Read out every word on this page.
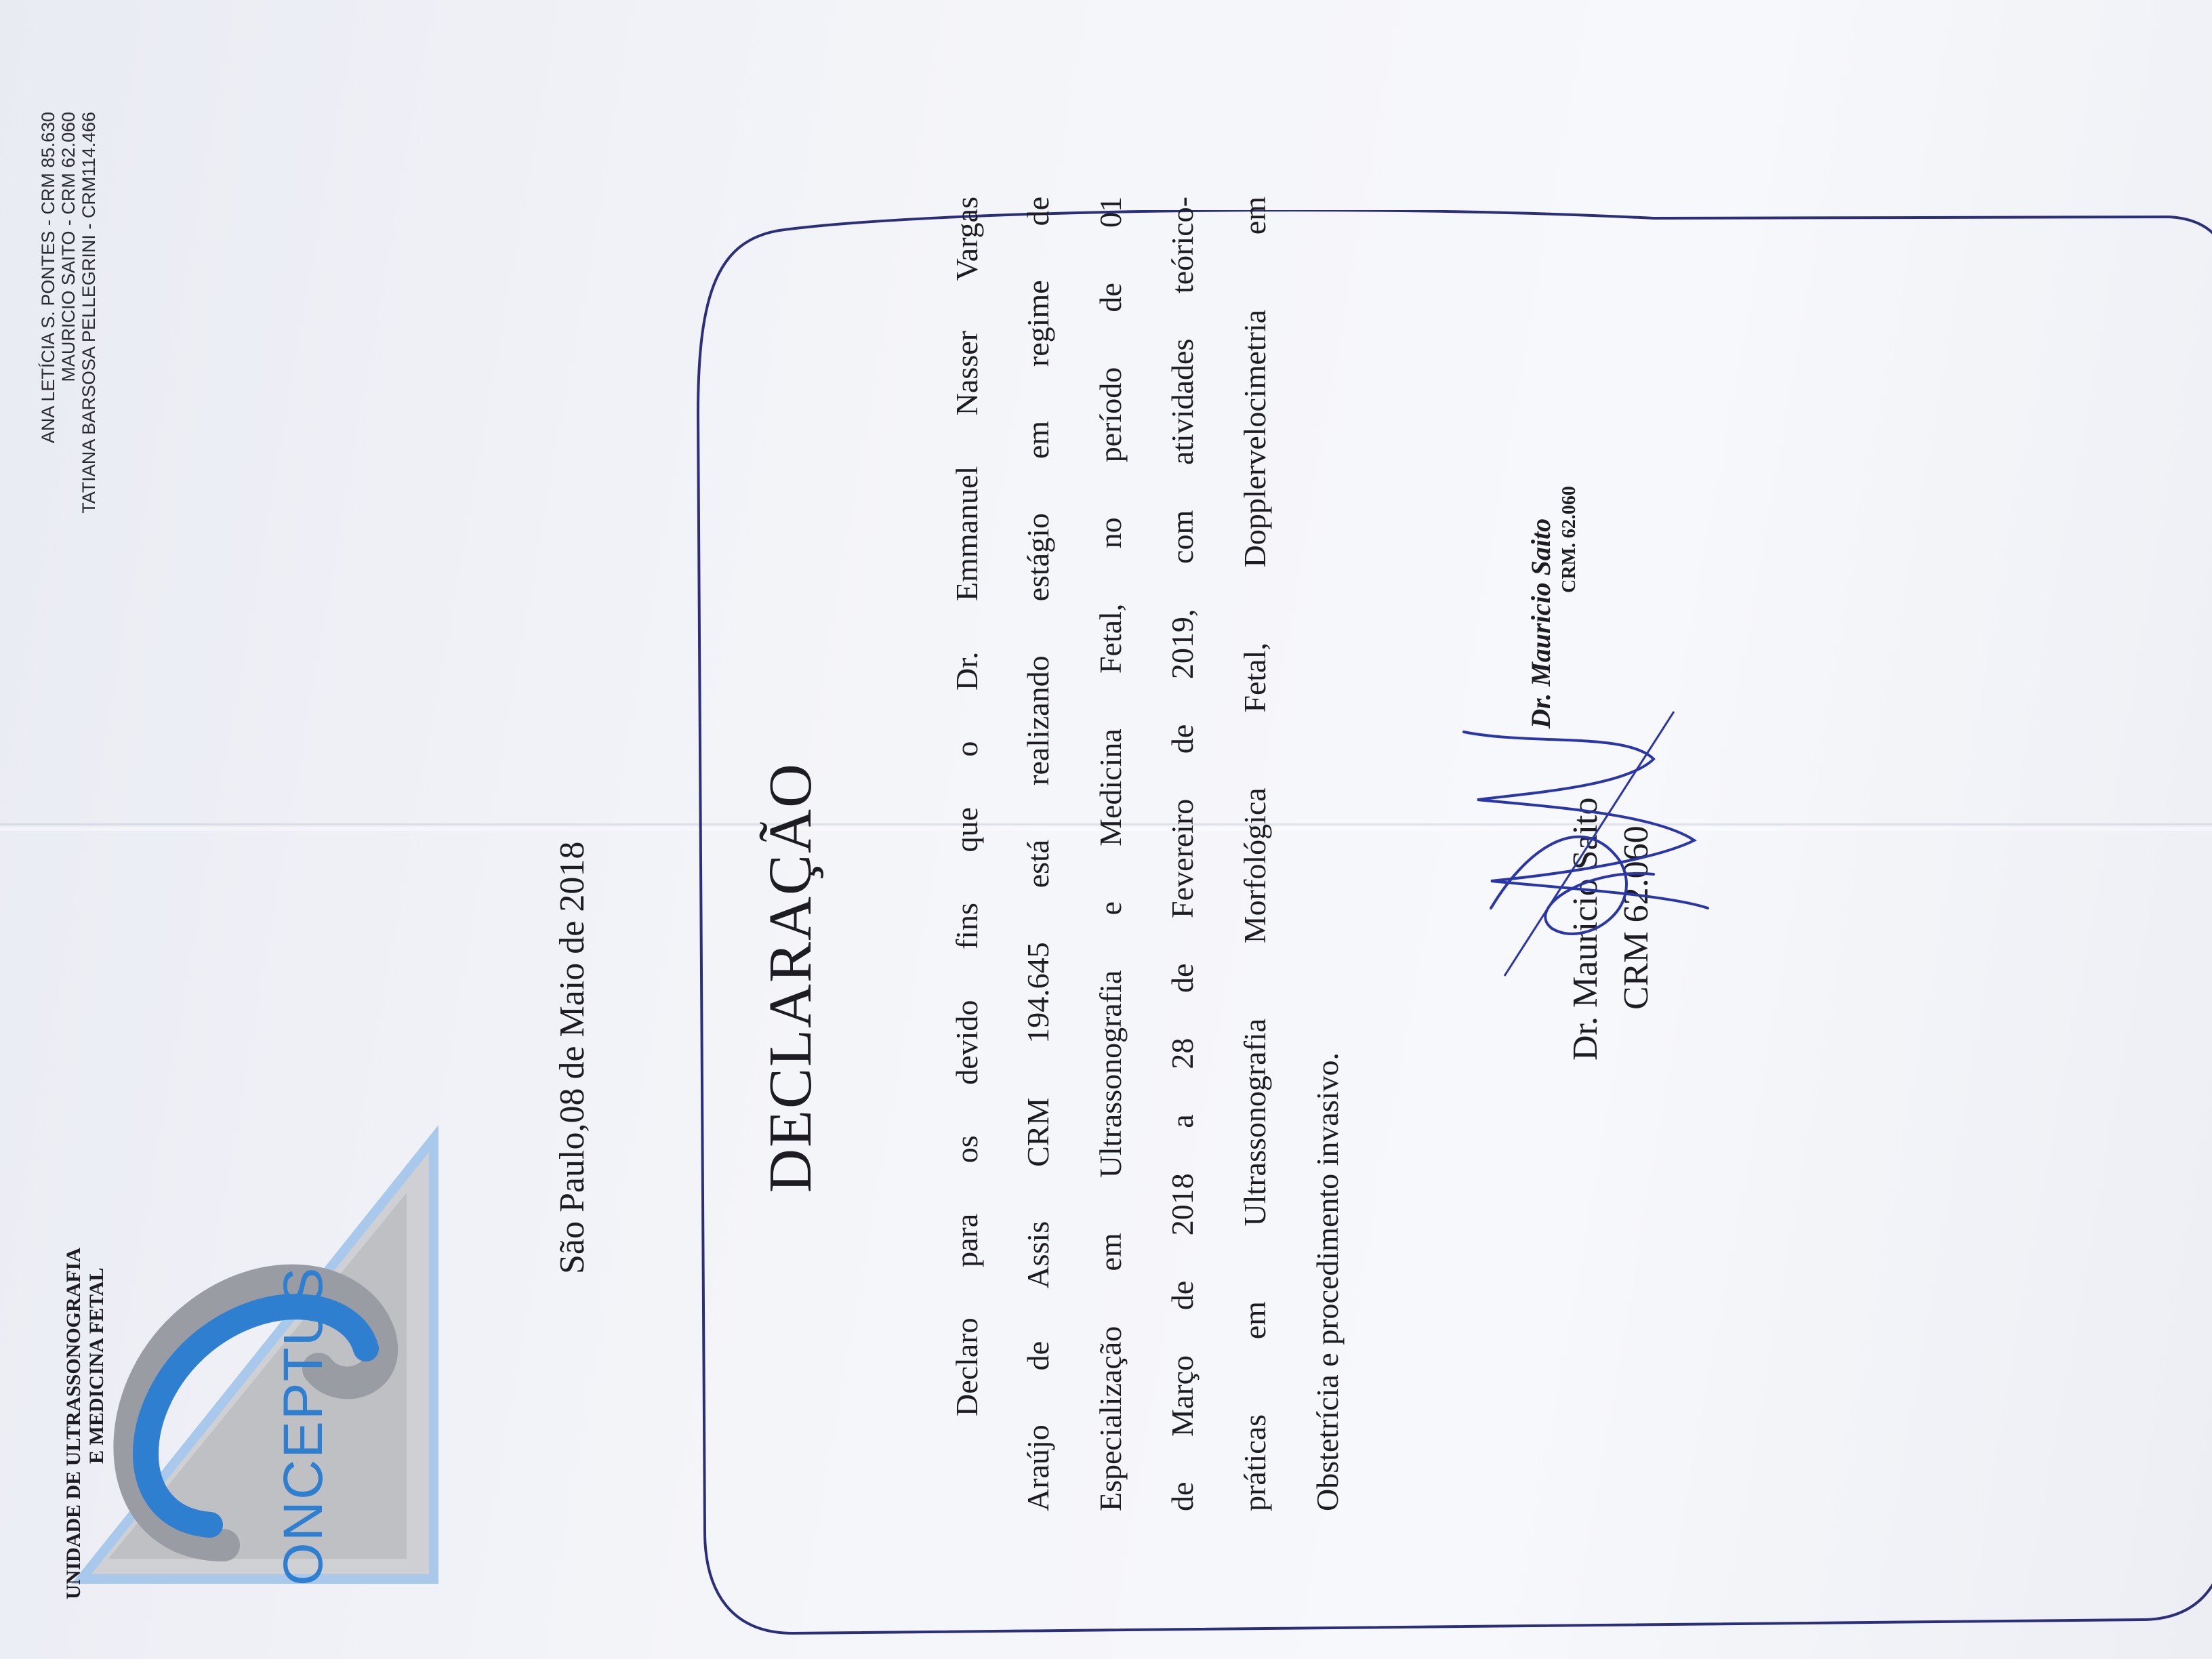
ONCEPTUS
UNIDADE DE ULTRASSONOGRAFIA E MEDICINA FETAL
ANA LETÍCIA S. PONTES - CRM 85.630 MAURICIO SAITO - CRM 62.060 TATIANA BARSOSA PELLEGRINI - CRM114.466
São Paulo,08 de Maio de 2018	DECLARAÇÃO	Declaro para os devido fins que o Dr. Emmanuel Nasser Vargas Araújo de Assis CRM 194.645 está realizando estágio em regime de Especialização em Ultrassonografia e Medicina Fetal, no período de 01 de Março de 2018 a 28 de Fevereiro de 2019, com atividades teórico- práticas em Ultrassonografia Morfológica Fetal, Dopplervelocimetria em Obstetrícia e procedimento invasivo.
Dr. Mauricio Saito CRM 62.060
Dr. Mauricio Saito CRM. 62.060
